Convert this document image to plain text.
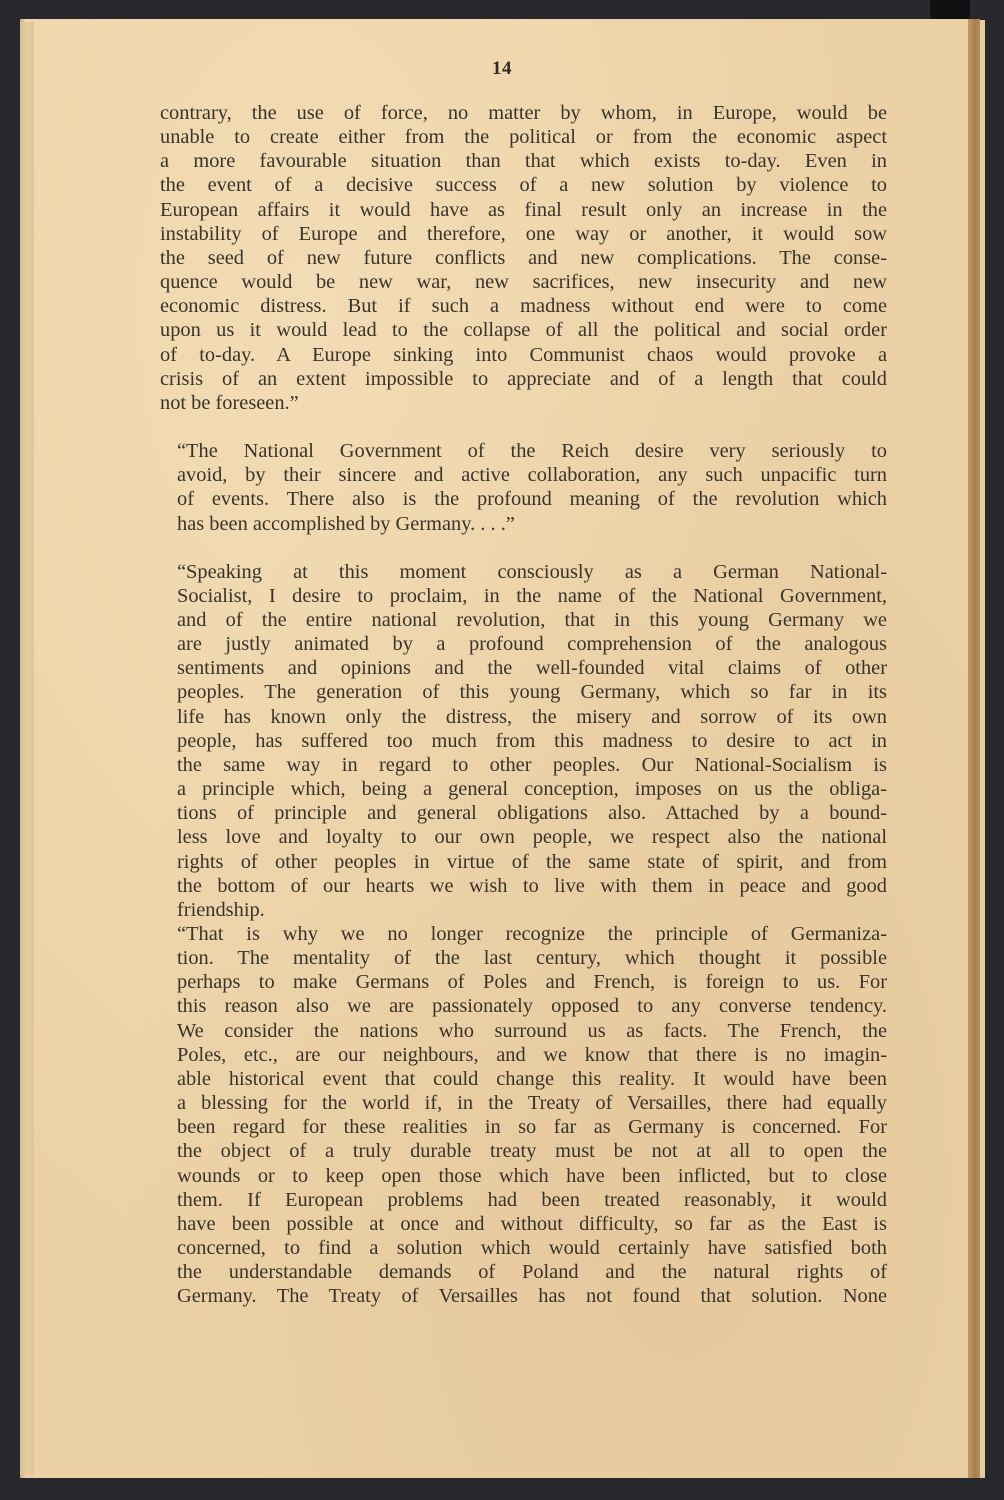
14
contrary, the use of force, no matter by whom, in Europe, would be
unable to create either from the political or from the economic aspect
a more favourable situation than that which exists to-day. Even in
the event of a decisive success of a new solution by violence to
European affairs it would have as final result only an increase in the
instability of Europe and therefore, one way or another, it would sow
the seed of new future conflicts and new complications. The conse-
quence would be new war, new sacrifices, new insecurity and new
economic distress. But if such a madness without end were to come
upon us it would lead to the collapse of all the political and social order
of to-day. A Europe sinking into Communist chaos would provoke a
crisis of an extent impossible to appreciate and of a length that could
not be foreseen.”
“The National Government of the Reich desire very seriously to
avoid, by their sincere and active collaboration, any such unpacific turn
of events. There also is the profound meaning of the revolution which
has been accomplished by Germany. . . .”
“Speaking at this moment consciously as a German National-
Socialist, I desire to proclaim, in the name of the National Government,
and of the entire national revolution, that in this young Germany we
are justly animated by a profound comprehension of the analogous
sentiments and opinions and the well-founded vital claims of other
peoples. The generation of this young Germany, which so far in its
life has known only the distress, the misery and sorrow of its own
people, has suffered too much from this madness to desire to act in
the same way in regard to other peoples. Our National-Socialism is
a principle which, being a general conception, imposes on us the obliga-
tions of principle and general obligations also. Attached by a bound-
less love and loyalty to our own people, we respect also the national
rights of other peoples in virtue of the same state of spirit, and from
the bottom of our hearts we wish to live with them in peace and good
friendship.
“That is why we no longer recognize the principle of Germaniza-
tion. The mentality of the last century, which thought it possible
perhaps to make Germans of Poles and French, is foreign to us. For
this reason also we are passionately opposed to any converse tendency.
We consider the nations who surround us as facts. The French, the
Poles, etc., are our neighbours, and we know that there is no imagin-
able historical event that could change this reality. It would have been
a blessing for the world if, in the Treaty of Versailles, there had equally
been regard for these realities in so far as Germany is concerned. For
the object of a truly durable treaty must be not at all to open the
wounds or to keep open those which have been inflicted, but to close
them. If European problems had been treated reasonably, it would
have been possible at once and without difficulty, so far as the East is
concerned, to find a solution which would certainly have satisfied both
the understandable demands of Poland and the natural rights of
Germany. The Treaty of Versailles has not found that solution. None
